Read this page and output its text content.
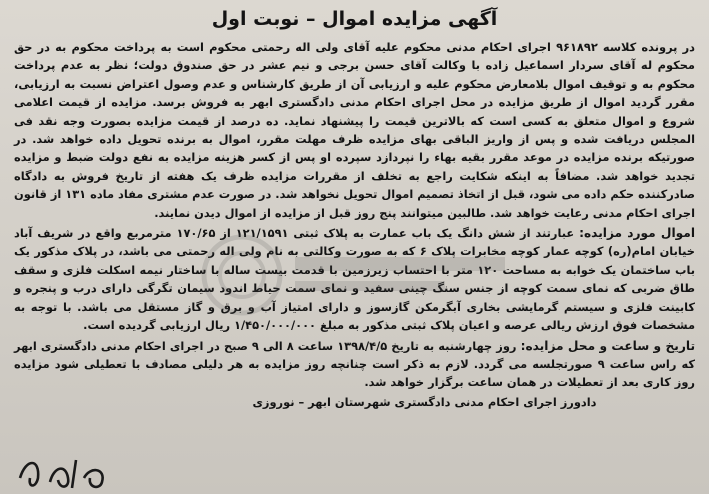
آگهی مزایده اموال – نوبت اول

در پرونده کلاسه ۹۶۱۸۹۲ اجرای احکام مدنی محکوم علیه آقای ولی اله رحمتی محکوم است به پرداخت محکوم به در حق محکوم له آقای سردار اسماعیل زاده با وکالت آقای حسن برجی و نیم عشر در حق صندوق دولت؛ نظر به عدم پرداخت محکوم به و توقیف اموال بلامعارض محکوم علیه و ارزیابی آن از طریق کارشناس و عدم وصول اعتراض نسبت به ارزیابی، مقرر گردید اموال از طریق مزایده در محل اجرای احکام مدنی دادگستری ابهر به فروش برسد. مزایده از قیمت اعلامی شروع و اموال متعلق به کسی است که بالاترین قیمت را پیشنهاد نماید. ده درصد از قیمت مزایده بصورت وجه نقد فی المجلس دریافت شده و پس از واریز الباقی بهای مزایده ظرف مهلت مقرر، اموال به برنده تحویل داده خواهد شد. در صورتیکه برنده مزایده در موعد مقرر بقیه بهاء را نپردازد سپرده او پس از کسر هزینه مزایده به نفع دولت ضبط و مزایده تجدید خواهد شد. مضافاً به اینکه شکایت راجع به تخلف از مقررات مزایده ظرف یک هفته از تاریخ فروش به دادگاه صادرکننده حکم داده می شود، قبل از اتخاذ تصمیم اموال تحویل نخواهد شد. در صورت عدم مشتری مفاد ماده ۱۳۱ از قانون اجرای احکام مدنی رعایت خواهد شد. طالبین میتوانند پنج روز قبل از مزایده از اموال دیدن نمایند.

اموال مورد مزایده: عبارتند از شش دانگ یک باب عمارت به پلاک ثبتی ۱۲۱/۱۵۹۱ از ۱۷۰/۶۵ مترمربع واقع در شریف آباد خیابان امام(ره) کوچه عمار کوچه مخابرات پلاک ۶ که به صورت وکالتی به نام ولی اله رحمتی می باشد، در پلاک مذکور یک باب ساختمان یک خوابه به مساحت ۱۲۰ متر با احتساب زیرزمین با قدمت بیست ساله با ساختار نیمه اسکلت فلزی و سقف طاق ضربی که نمای سمت کوچه از جنس سنگ چینی سفید و نمای سمت حیاط اندود سیمان تگرگی دارای درب و پنجره و کابینت فلزی و سیستم گرمایشی بخاری آبگرمکن گازسوز و دارای امتیاز آب و برق و گاز مستقل می باشد. با توجه به مشخصات فوق ارزش ریالی عرصه و اعیان پلاک ثبتی مذکور به مبلغ ۱/۴۵۰/۰۰۰/۰۰۰ ریال ارزیابی گردیده است.

تاریخ و ساعت و محل مزایده: روز چهارشنبه به تاریخ ۱۳۹۸/۴/۵ ساعت ۸ الی ۹ صبح در اجرای احکام مدنی دادگستری ابهر که راس ساعت ۹ صورتجلسه می گردد. لازم به ذکر است چنانچه روز مزایده به هر دلیلی مصادف با تعطیلی شود مزایده روز کاری بعد از تعطیلات در همان ساعت برگزار خواهد شد.

دادورز اجرای احکام مدنی دادگستری شهرستان ابهر – نوروزی
